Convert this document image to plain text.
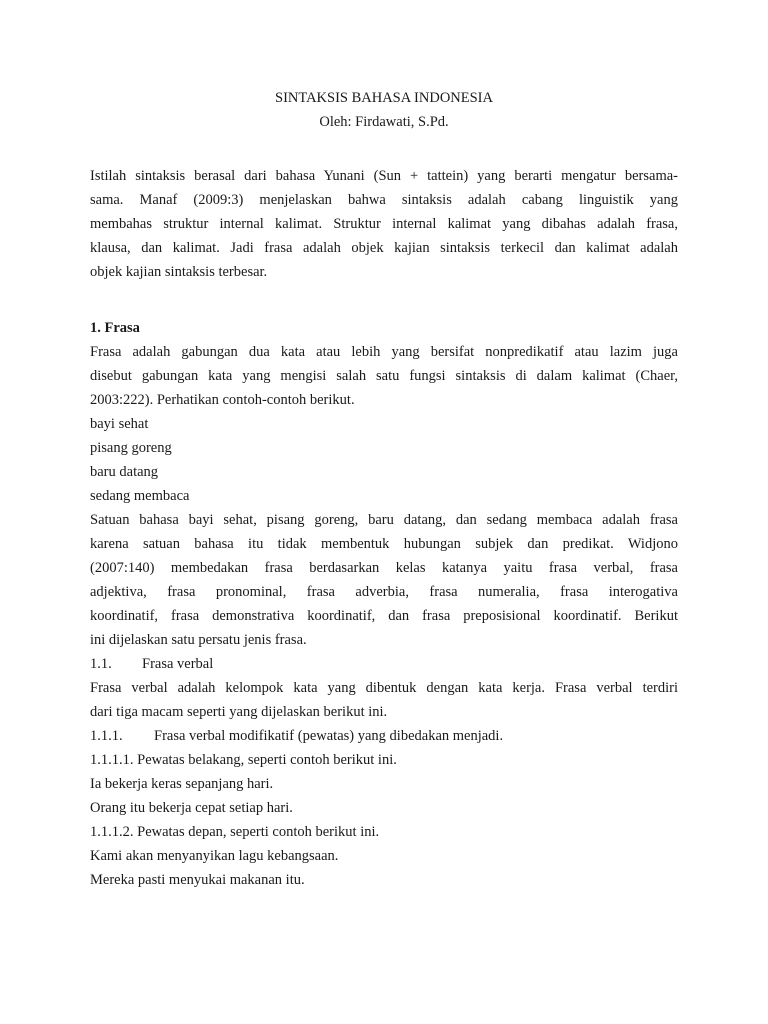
SINTAKSIS BAHASA INDONESIA
Oleh: Firdawati, S.Pd.
Istilah sintaksis berasal dari bahasa Yunani (Sun + tattein) yang berarti mengatur bersama-
sama. Manaf (2009:3) menjelaskan bahwa sintaksis adalah cabang linguistik yang
membahas struktur internal kalimat. Struktur internal kalimat yang dibahas adalah frasa,
klausa, dan kalimat. Jadi frasa adalah objek kajian sintaksis terkecil dan kalimat adalah
objek kajian sintaksis terbesar.
1. Frasa
Frasa adalah gabungan dua kata atau lebih yang bersifat nonpredikatif atau lazim juga
disebut gabungan kata yang mengisi salah satu fungsi sintaksis di dalam kalimat (Chaer,
2003:222). Perhatikan contoh-contoh berikut.
bayi sehat
pisang goreng
baru datang
sedang membaca
Satuan bahasa bayi sehat, pisang goreng, baru datang, dan sedang membaca adalah frasa
karena satuan bahasa itu tidak membentuk hubungan subjek dan predikat. Widjono
(2007:140) membedakan frasa berdasarkan kelas katanya yaitu frasa verbal, frasa
adjektiva, frasa pronominal, frasa adverbia, frasa numeralia, frasa interogativa
koordinatif, frasa demonstrativa koordinatif, dan frasa preposisional koordinatif. Berikut
ini dijelaskan satu persatu jenis frasa.
1.1. Frasa verbal
Frasa verbal adalah kelompok kata yang dibentuk dengan kata kerja. Frasa verbal terdiri
dari tiga macam seperti yang dijelaskan berikut ini.
1.1.1. Frasa verbal modifikatif (pewatas) yang dibedakan menjadi.
1.1.1.1. Pewatas belakang, seperti contoh berikut ini.
Ia bekerja keras sepanjang hari.
Orang itu bekerja cepat setiap hari.
1.1.1.2. Pewatas depan, seperti contoh berikut ini.
Kami akan menyanyikan lagu kebangsaan.
Mereka pasti menyukai makanan itu.
